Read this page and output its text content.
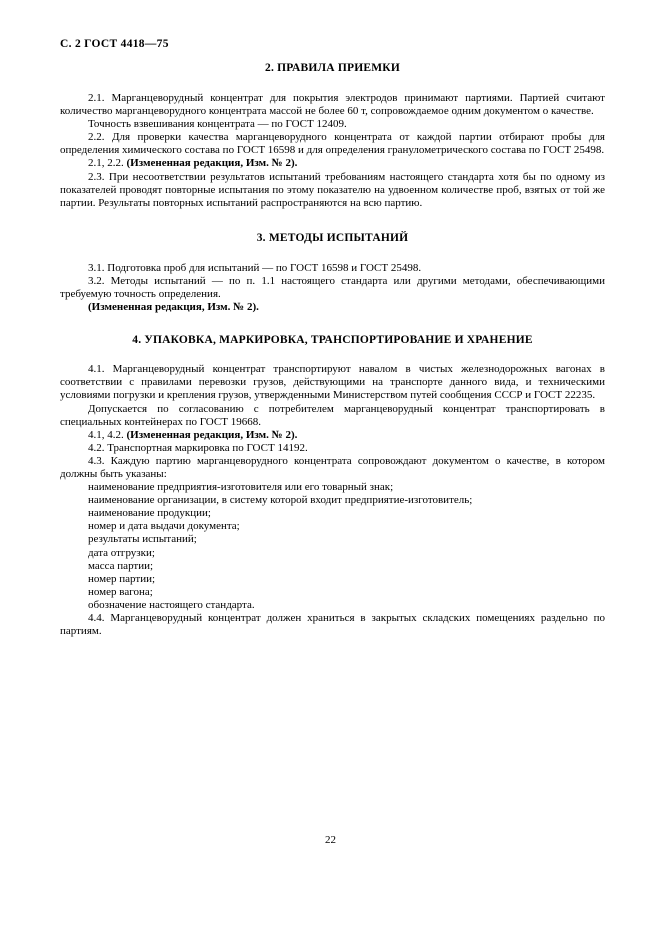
С. 2 ГОСТ 4418—75
2. ПРАВИЛА ПРИЕМКИ

2.1. Марганцеворудный концентрат для покрытия электродов принимают партиями. Партией считают количество марганцеворудного концентрата массой не более 60 т, сопровождаемое одним документом о качестве.

Точность взвешивания концентрата — по ГОСТ 12409.

2.2. Для проверки качества марганцеворудного концентрата от каждой партии отбирают пробы для определения химического состава по ГОСТ 16598 и для определения гранулометрического состава по ГОСТ 25498.

2.1, 2.2. (Измененная редакция, Изм. № 2).

2.3. При несоответствии результатов испытаний требованиям настоящего стандарта хотя бы по одному из показателей проводят повторные испытания по этому показателю на удвоенном количестве проб, взятых от той же партии. Результаты повторных испытаний распространяются на всю партию.

3. МЕТОДЫ ИСПЫТАНИЙ

3.1. Подготовка проб для испытаний — по ГОСТ 16598 и ГОСТ 25498.

3.2. Методы испытаний — по п. 1.1 настоящего стандарта или другими методами, обеспечивающими требуемую точность определения.

(Измененная редакция, Изм. № 2).

4. УПАКОВКА, МАРКИРОВКА, ТРАНСПОРТИРОВАНИЕ И ХРАНЕНИЕ

4.1. Марганцеворудный концентрат транспортируют навалом в чистых железнодорожных вагонах в соответствии с правилами перевозки грузов, действующими на транспорте данного вида, и техническими условиями погрузки и крепления грузов, утвержденными Министерством путей сообщения СССР и ГОСТ 22235.

Допускается по согласованию с потребителем марганцеворудный концентрат транспортировать в специальных контейнерах по ГОСТ 19668.

4.1, 4.2. (Измененная редакция, Изм. № 2).

4.2. Транспортная маркировка по ГОСТ 14192.

4.3. Каждую партию марганцеворудного концентрата сопровождают документом о качестве, в котором должны быть указаны:

наименование предприятия-изготовителя или его товарный знак;

наименование организации, в систему которой входит предприятие-изготовитель;

наименование продукции;

номер и дата выдачи документа;

результаты испытаний;

дата отгрузки;

масса партии;

номер партии;

номер вагона;

обозначение настоящего стандарта.

4.4. Марганцеворудный концентрат должен храниться в закрытых складских помещениях раздельно по партиям.

22
